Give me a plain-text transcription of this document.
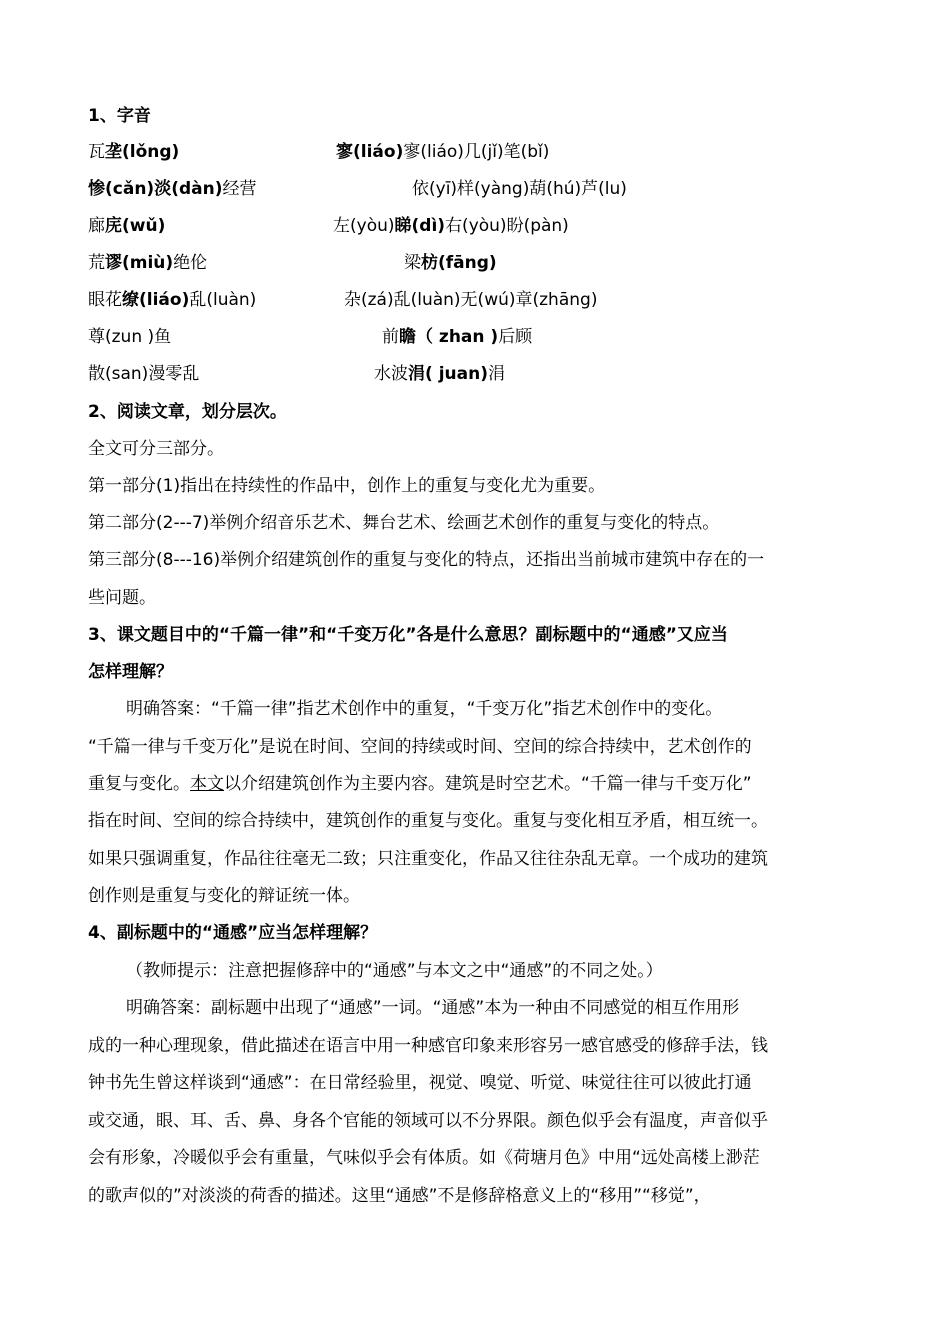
1、字音
瓦垄(lǒng)	寥(liáo)寥(liáo)几(jǐ)笔(bǐ)
惨(cǎn)淡(dàn)经营	依(yī)样(yàng)葫(hú)芦(lu)
廊庑(wǔ)	左(yòu)睇(dì)右(yòu)盼(pàn)
荒谬(miù)绝伦	梁枋(fāng)
眼花缭(liáo)乱(luàn)	杂(zá)乱(luàn)无(wú)章(zhāng)
尊(zun )鱼	前瞻（ zhan )后顾
散(san)漫零乱	水波涓( juan)涓
2、阅读文章，划分层次。
全文可分三部分。
第一部分(1)指出在持续性的作品中，创作上的重复与变化尤为重要。
第二部分(2---7)举例介绍音乐艺术、舞台艺术、绘画艺术创作的重复与变化的特点。
第三部分(8---16)举例介绍建筑创作的重复与变化的特点，还指出当前城市建筑中存在的一
些问题。
3、课文题目中的“千篇一律”和“千变万化”各是什么意思？副标题中的“通感”又应当
怎样理解？
明确答案：“千篇一律”指艺术创作中的重复，“千变万化”指艺术创作中的变化。
“千篇一律与千变万化”是说在时间、空间的持续或时间、空间的综合持续中，艺术创作的
重复与变化。本文以介绍建筑创作为主要内容。建筑是时空艺术。“千篇一律与千变万化”
指在时间、空间的综合持续中，建筑创作的重复与变化。重复与变化相互矛盾，相互统一。
如果只强调重复，作品往往毫无二致；只注重变化，作品又往往杂乱无章。一个成功的建筑
创作则是重复与变化的辩证统一体。
4、副标题中的“通感”应当怎样理解？
（教师提示：注意把握修辞中的“通感”与本文之中“通感”的不同之处。）
明确答案：副标题中出现了“通感”一词。“通感”本为一种由不同感觉的相互作用形
成的一种心理现象，借此描述在语言中用一种感官印象来形容另一感官感受的修辞手法，钱
钟书先生曾这样谈到“通感”：在日常经验里，视觉、嗅觉、听觉、味觉往往可以彼此打通
或交通，眼、耳、舌、鼻、身各个官能的领域可以不分界限。颜色似乎会有温度，声音似乎
会有形象，冷暖似乎会有重量，气味似乎会有体质。如《荷塘月色》中用“远处高楼上渺茫
的歌声似的”对淡淡的荷香的描述。这里“通感”不是修辞格意义上的“移用”“移觉”，
